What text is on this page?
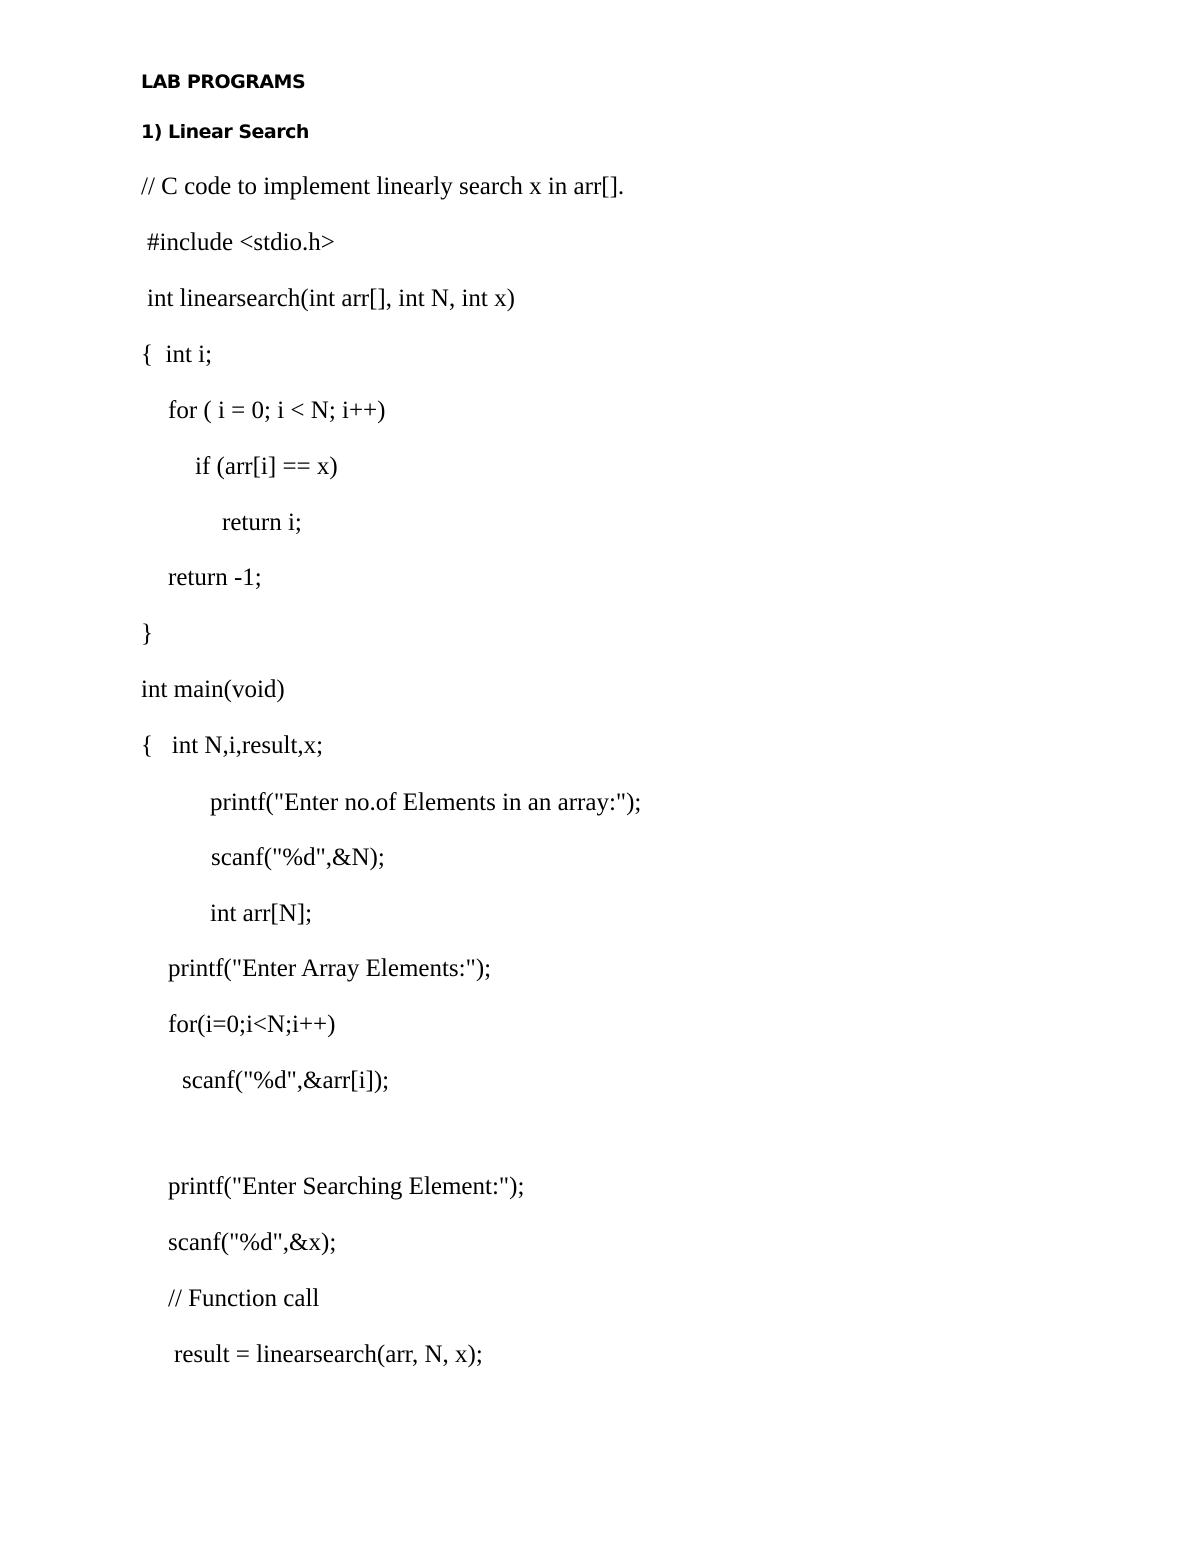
LAB PROGRAMS
1) Linear Search
// C code to implement linearly search x in arr[].
#include <stdio.h>
int linearsearch(int arr[], int N, int x)
{  int i;
for ( i = 0; i < N; i++)
if (arr[i] == x)
return i;
return -1;
}
int main(void)
{   int N,i,result,x;
printf("Enter no.of Elements in an array:");
scanf("%d",&N);
int arr[N];
printf("Enter Array Elements:");
for(i=0;i<N;i++)
scanf("%d",&arr[i]);
printf("Enter Searching Element:");
scanf("%d",&x);
// Function call
result = linearsearch(arr, N, x);
